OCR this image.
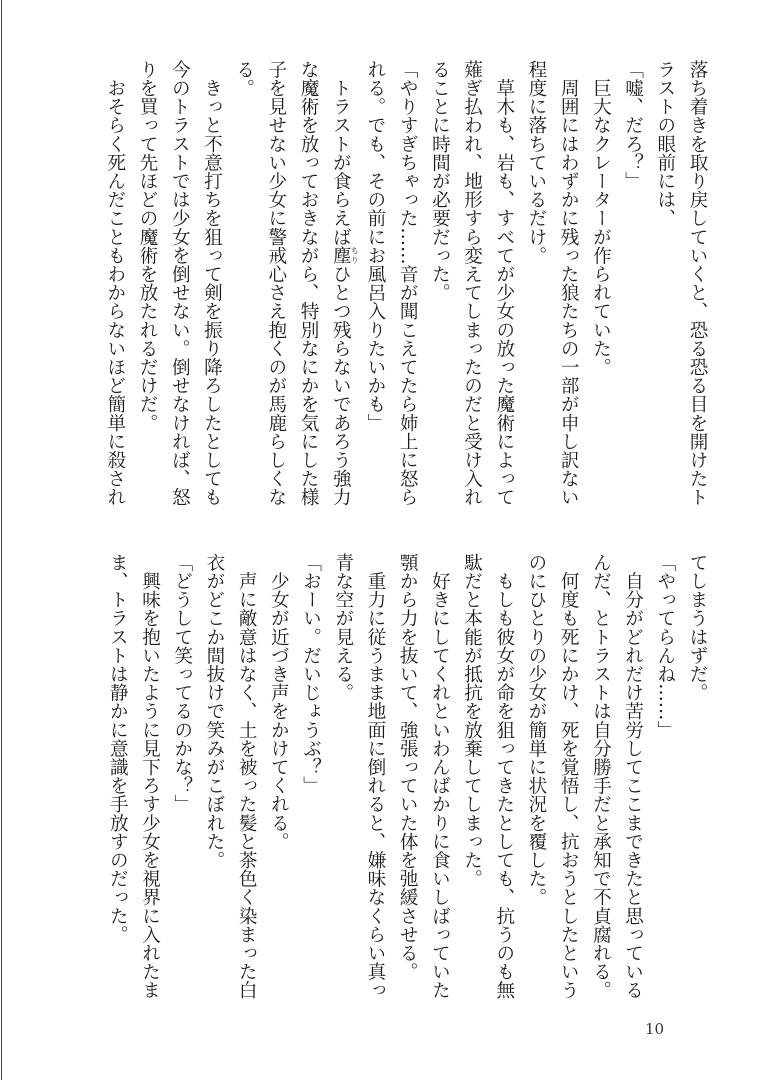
落ち着きを取り戻していくと、恐る恐る目を開けたト
ラストの眼前には、
「嘘、だろ？」
　巨大なクレーターが作られていた。
　周囲にはわずかに残った狼たちの一部が申し訳ない
程度に落ちているだけ。
　草木も、岩も、すべてが少女の放った魔術によって
薙ぎ払われ、地形すら変えてしまったのだと受け入れ
ることに時間が必要だった。
「やりすぎちゃった……音が聞こえてたら姉上に怒ら
れる。でも、その前にお風呂入りたいかも」
　トラストが食らえば塵 ちりひとつ残らないであろう強力
な魔術を放っておきながら、特別なにかを気にした様
子を見せない少女に警戒心さえ抱くのが馬鹿らしくな
る。
　きっと不意打ちを狙って剣を振り降ろしたとしても
今のトラストでは少女を倒せない。倒せなければ、怒
りを買って先ほどの魔術を放たれるだけだ。
　おそらく死んだこともわからないほど簡単に殺され
てしまうはずだ。
「やってらんね……」
　自分がどれだけ苦労してここまできたと思っている
んだ、とトラストは自分勝手だと承知で不貞腐れる。
　何度も死にかけ、死を覚悟し、抗おうとしたという
のにひとりの少女が簡単に状況を覆した。
　もしも彼女が命を狙ってきたとしても、抗うのも無
駄だと本能が抵抗を放棄してしまった。
　好きにしてくれといわんばかりに食いしばっていた
顎から力を抜いて、強張っていた体を弛緩させる。
　重力に従うまま地面に倒れると、嫌味なくらい真っ
青な空が見える。
「おーい。だいじょうぶ？」
　少女が近づき声をかけてくれる。
　声に敵意はなく、土を被った髪と茶色く染まった白
衣がどこか間抜けで笑みがこぼれた。
「どうして笑ってるのかな？」
　興味を抱いたように見下ろす少女を視界に入れたま
ま、トラストは静かに意識を手放すのだった。
10
